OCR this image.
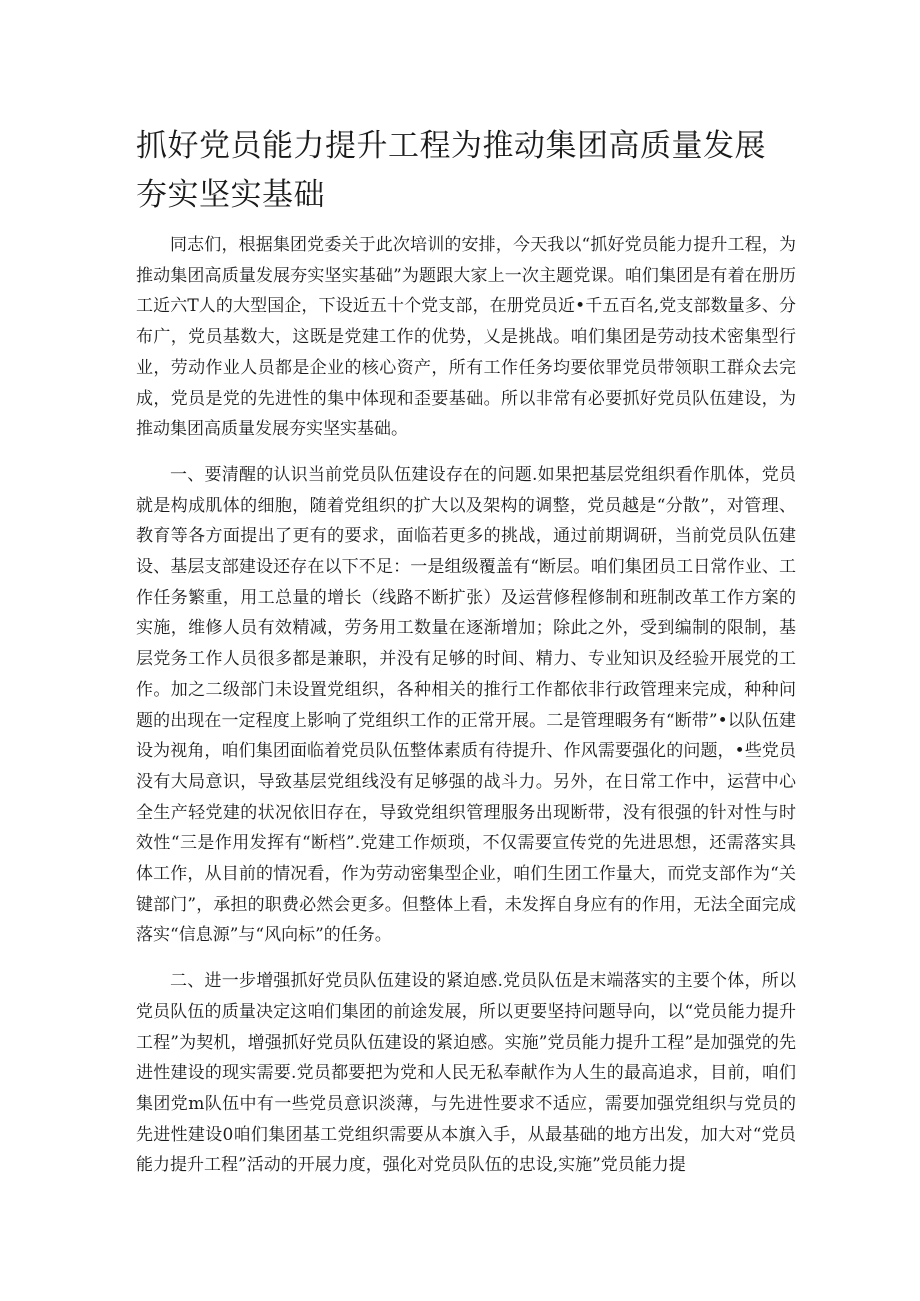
抓好党员能力提升工程为推动集团高质量发展夯实坚实基础

同志们，根据集团党委关于此次培训的安排，今天我以“抓好党员能力提升工程，为推动集团高质量发展夯实坚实基础”为题跟大家上一次主题党课。咱们集团是有着在册历工近六T人的大型国企，下设近五十个党支部，在册党员近•千五百名,党支部数量多、分布广，党员基数大，这既是党建工作的优势，乂是挑战。咱们集团是劳动技术密集型行业，劳动作业人员都是企业的核心资产，所有工作任务均要依罪党员带领职工群众去完成，党员是党的先进性的集中体现和歪要基础。所以非常有必要抓好党员队伍建设，为推动集团高质量发展夯实坚实基础。

一、要清醒的认识当前党员队伍建设存在的问题.如果把基层党组织看作肌体，党员就是构成肌体的细胞，随着党组织的扩大以及架构的调整，党员越是“分散”，对管理、教育等各方面提出了更有的要求，面临若更多的挑战，通过前期调研，当前党员队伍建设、基层支部建设还存在以下不足：一是组级覆盖有“断层。咱们集团员工日常作业、工作任务繁重，用工总量的增长（线路不断扩张）及运营修程修制和班制改革工作方案的实施，维修人员有效精减，劳务用工数量在逐渐增加；除此之外，受到编制的限制，基层党务工作人员很多都是兼职，并没有足够的时间、精力、专业知识及经验开展党的工作。加之二级部门未设置党组织，各种相关的推行工作都依非行政管理来完成，种种问题的出现在一定程度上影响了党组织工作的正常开展。二是管理暇务有“断带”•以队伍建设为视角，咱们集团面临着党员队伍整体素质有待提升、作风需要强化的问题，•些党员没有大局意识，导致基层党组线没有足够强的战斗力。另外，在日常工作中，运营中心全生产轻党建的状况依旧存在，导致党组织管理服务出现断带，没有很强的针对性与时效性“三是作用发挥有“断档”.党建工作烦琐，不仅需要宣传党的先进思想，还需落实具体工作，从目前的情况看，作为劳动密集型企业，咱们生团工作量大，而党支部作为“关键部门”，承担的职费必然会更多。但整体上看，未发挥自身应有的作用，无法全面完成落实“信息源”与“风向标”的任务。

二、进一步增强抓好党员队伍建设的紧迫感.党员队伍是末端落实的主要个体，所以党员队伍的质量决定这咱们集团的前途发展，所以更要坚持问题导向，以“党员能力提升工程”为契机，增强抓好党员队伍建设的紧迫感。实施”党员能力提升工程”是加强党的先进性建设的现实需要.党员都要把为党和人民无私奉献作为人生的最高追求，目前，咱们集团党m队伍中有一些党员意识淡薄，与先进性要求不适应，需要加强党组织与党员的先进性建设0咱们集团基工党组织需要从本旗入手，从最基础的地方出发，加大对“党员能力提升工程”活动的开展力度，强化对党员队伍的忠设,实施”党员能力提
